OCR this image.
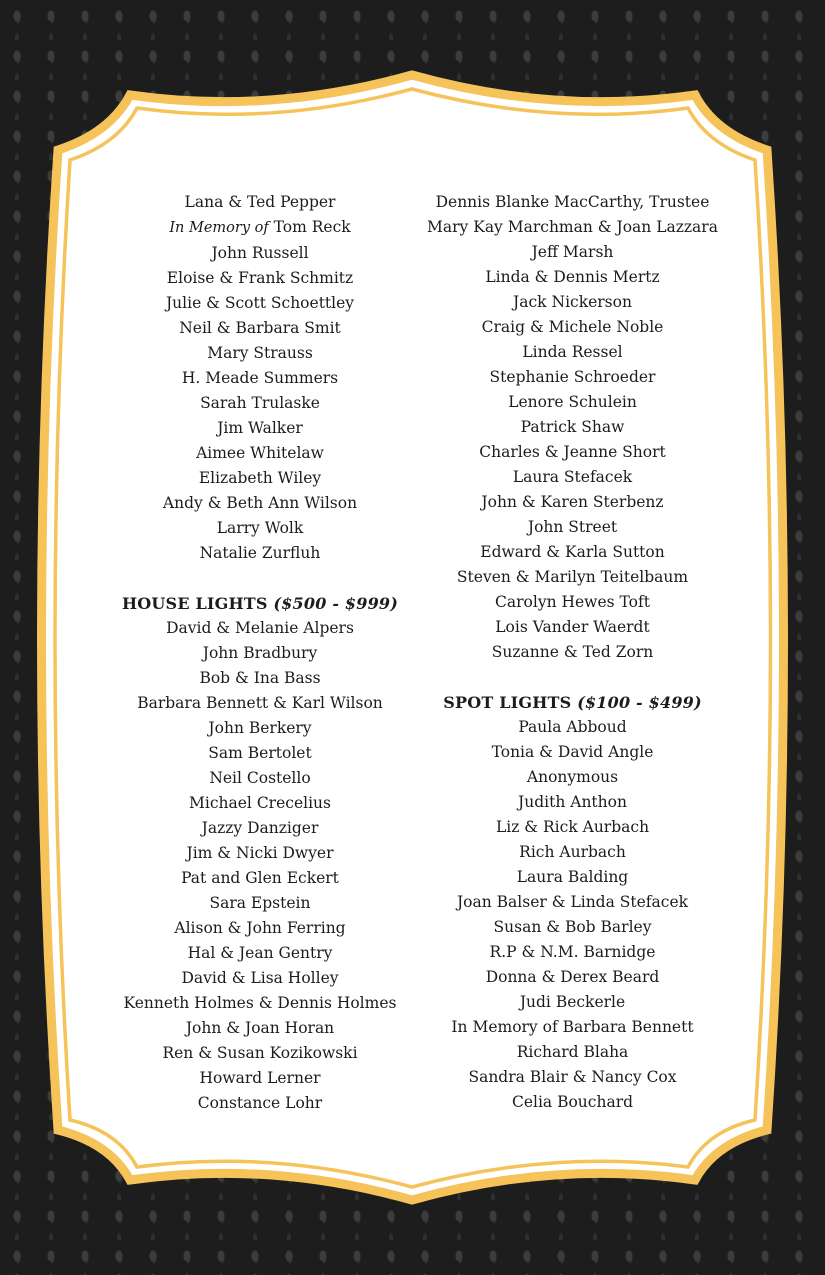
Lana & Ted Pepper
In Memory of Tom Reck
John Russell
Eloise & Frank Schmitz
Julie & Scott Schoettley
Neil & Barbara Smit
Mary Strauss
H. Meade Summers
Sarah Trulaske
Jim Walker
Aimee Whitelaw
Elizabeth Wiley
Andy & Beth Ann Wilson
Larry Wolk
Natalie Zurfluh
HOUSE LIGHTS ($500 - $999)
David & Melanie Alpers
John Bradbury
Bob & Ina Bass
Barbara Bennett & Karl Wilson
John Berkery
Sam Bertolet
Neil Costello
Michael Crecelius
Jazzy Danziger
Jim & Nicki Dwyer
Pat and Glen Eckert
Sara Epstein
Alison & John Ferring
Hal & Jean Gentry
David & Lisa Holley
Kenneth Holmes & Dennis Holmes
John & Joan Horan
Ren & Susan Kozikowski
Howard Lerner
Constance Lohr
Dennis Blanke MacCarthy, Trustee
Mary Kay Marchman & Joan Lazzara
Jeff Marsh
Linda & Dennis Mertz
Jack Nickerson
Craig & Michele Noble
Linda Ressel
Stephanie Schroeder
Lenore Schulein
Patrick Shaw
Charles & Jeanne Short
Laura Stefacek
John & Karen Sterbenz
John Street
Edward & Karla Sutton
Steven & Marilyn Teitelbaum
Carolyn Hewes Toft
Lois Vander Waerdt
Suzanne & Ted Zorn
SPOT LIGHTS ($100 - $499)
Paula Abboud
Tonia & David Angle
Anonymous
Judith Anthon
Liz & Rick Aurbach
Rich Aurbach
Laura Balding
Joan Balser & Linda Stefacek
Susan & Bob Barley
R.P & N.M. Barnidge
Donna & Derex Beard
Judi Beckerle
In Memory of Barbara Bennett
Richard Blaha
Sandra Blair & Nancy Cox
Celia Bouchard
